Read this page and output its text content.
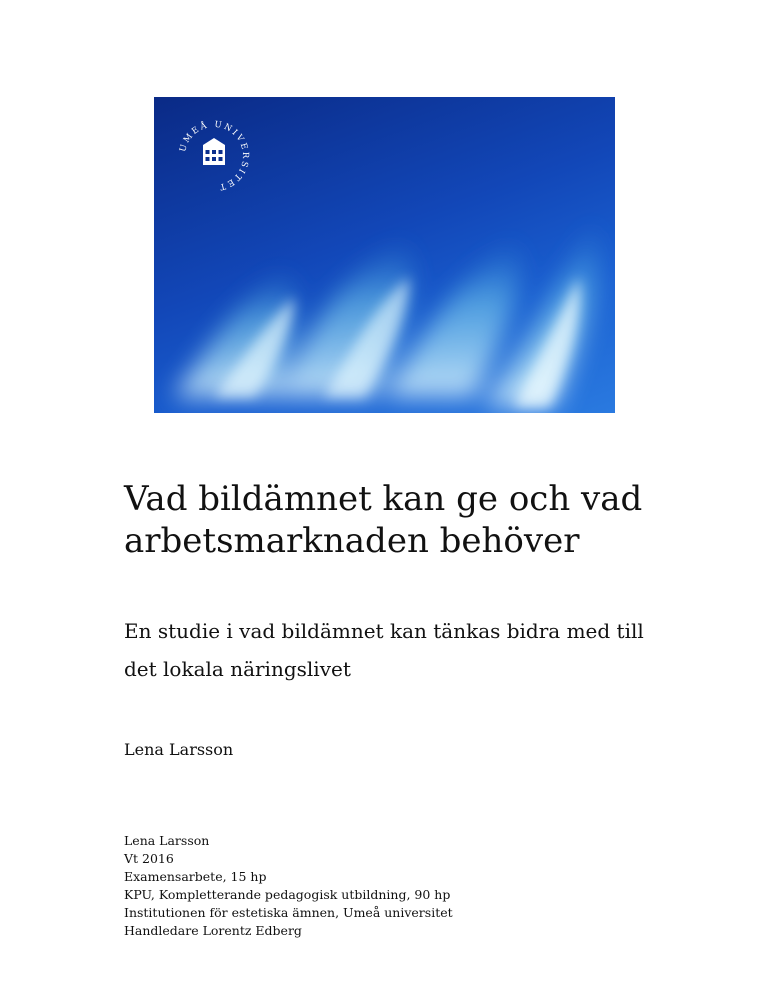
UMEÅ UNIVERSITET
Vad bildämnet kan ge och vad
arbetsmarknaden behöver
En studie i vad bildämnet kan tänkas bidra med till
det lokala näringslivet

Lena Larsson

Lena Larsson
Vt 2016
Examensarbete, 15 hp
KPU, Kompletterande pedagogisk utbildning, 90 hp
Institutionen för estetiska ämnen, Umeå universitet
Handledare Lorentz Edberg
